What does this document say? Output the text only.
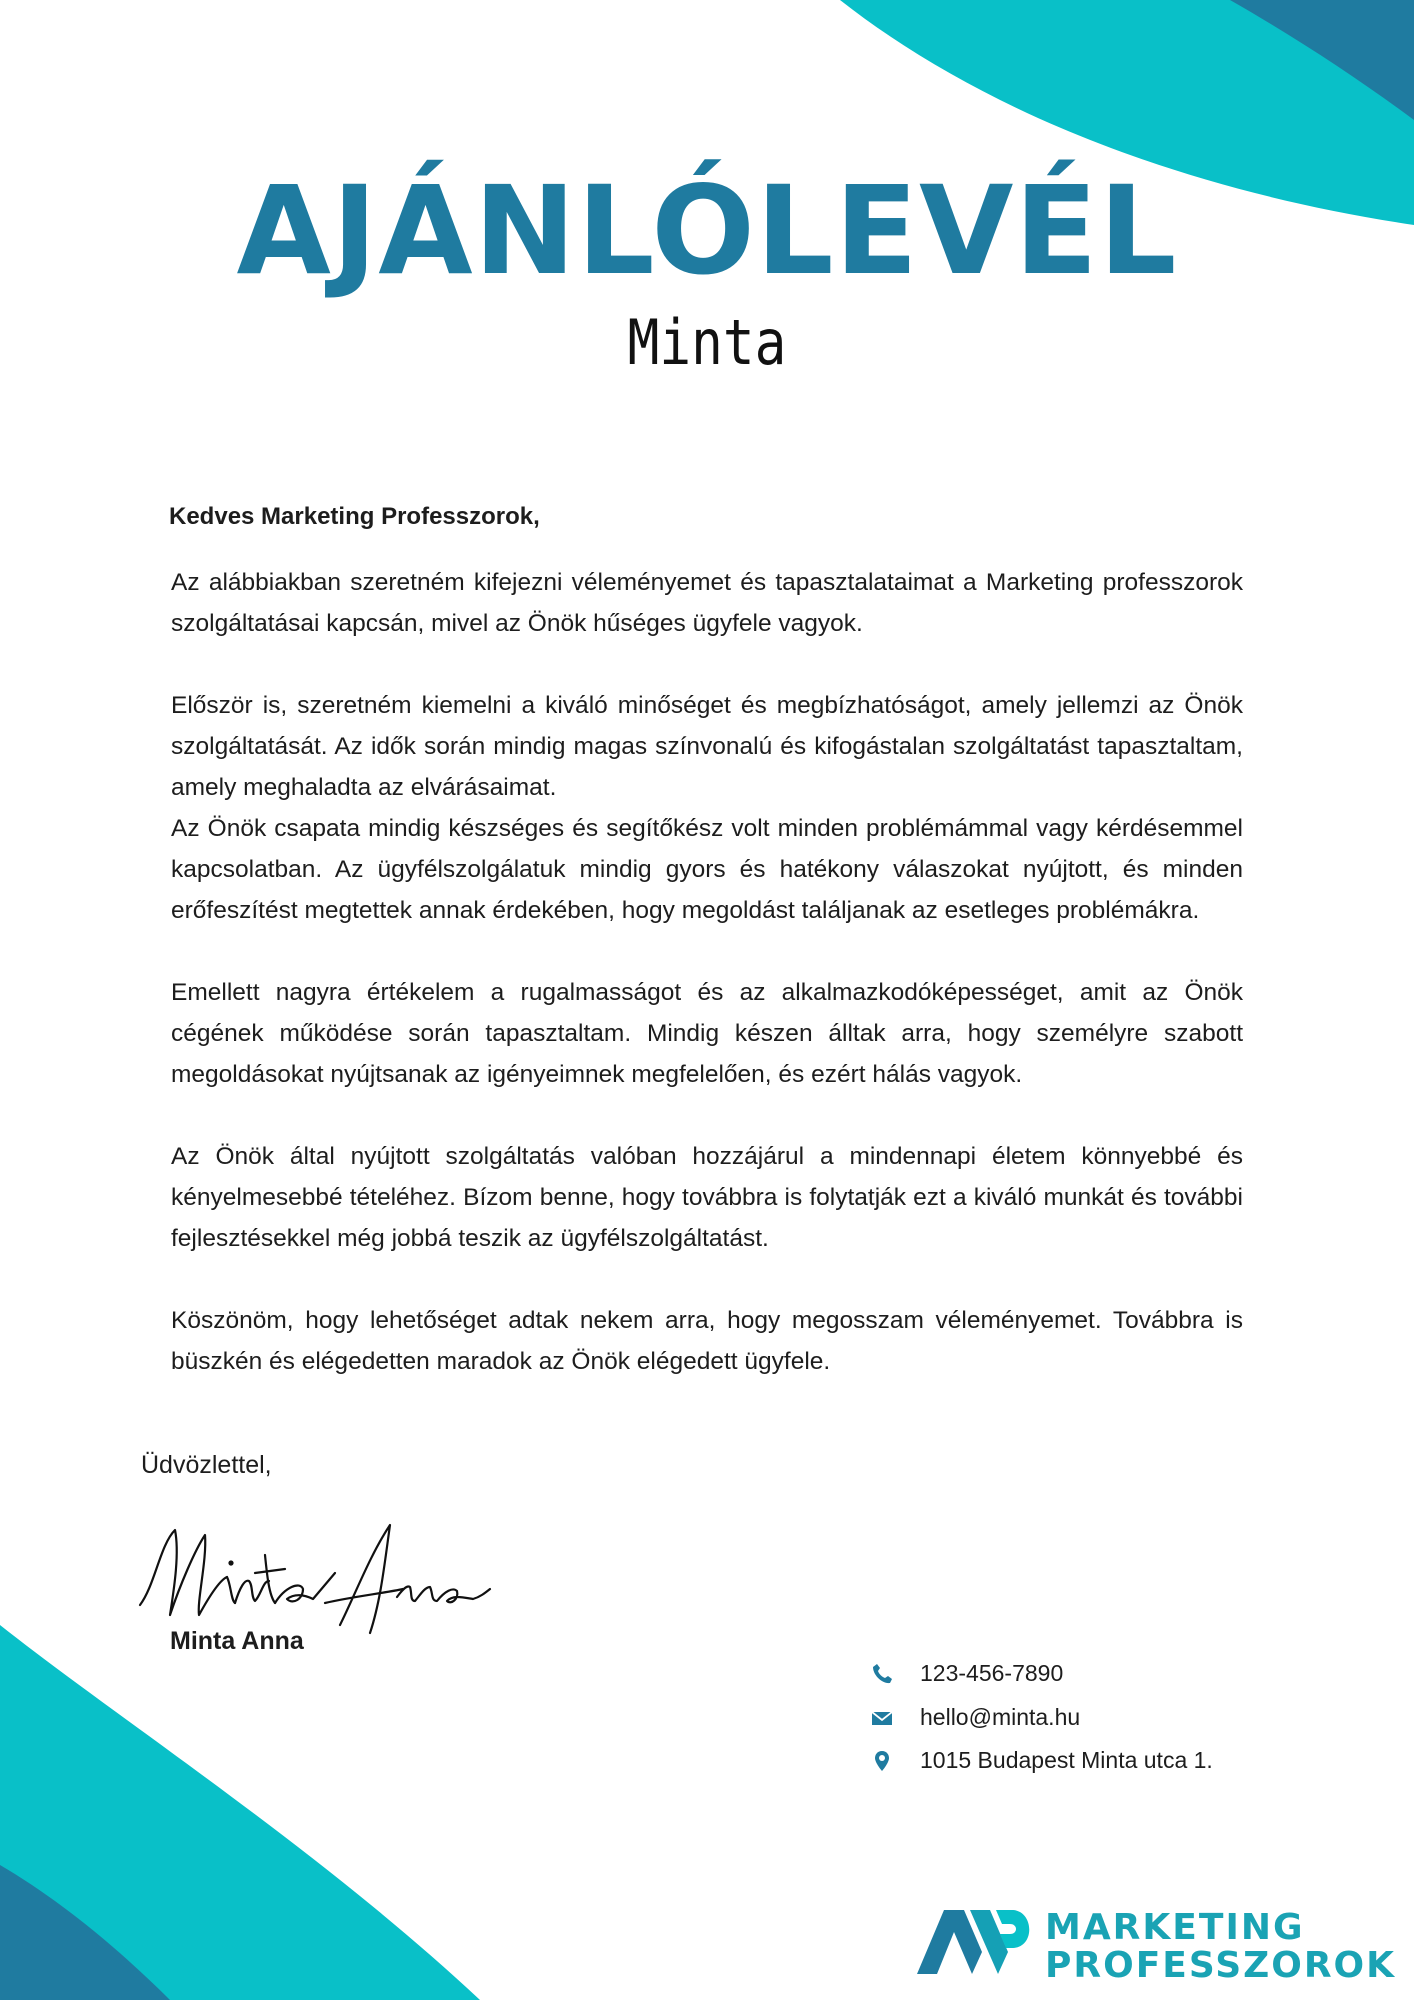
AJÁNLÓLEVÉL
Minta
Kedves Marketing Professzorok,

Az alábbiakban szeretném kifejezni véleményemet és tapasztalataimat a Marketing professzorok szolgáltatásai kapcsán, mivel az Önök hűséges ügyfele vagyok.

Először is, szeretném kiemelni a kiváló minőséget és megbízhatóságot, amely jellemzi az Önök szolgáltatását. Az idők során mindig magas színvonalú és kifogástalan szolgáltatást tapasztaltam, amely meghaladta az elvárásaimat.

Az Önök csapata mindig készséges és segítőkész volt minden problémámmal vagy kérdésemmel kapcsolatban. Az ügyfélszolgálatuk mindig gyors és hatékony válaszokat nyújtott, és minden erőfeszítést megtettek annak érdekében, hogy megoldást találjanak az esetleges problémákra.

Emellett nagyra értékelem a rugalmasságot és az alkalmazkodóképességet, amit az Önök cégének működése során tapasztaltam. Mindig készen álltak arra, hogy személyre szabott megoldásokat nyújtsanak az igényeimnek megfelelően, és ezért hálás vagyok.

Az Önök által nyújtott szolgáltatás valóban hozzájárul a mindennapi életem könnyebbé és kényelmesebbé tételéhez. Bízom benne, hogy továbbra is folytatják ezt a kiváló munkát és további fejlesztésekkel még jobbá teszik az ügyfélszolgáltatást.

Köszönöm, hogy lehetőséget adtak nekem arra, hogy megosszam véleményemet. Továbbra is büszkén és elégedetten maradok az Önök elégedett ügyfele.

Üdvözlettel,
Minta Anna
Minta Anna
123-456-7890
hello@minta.hu
1015 Budapest Minta utca 1.
MARKETING
PROFESSZOROK
